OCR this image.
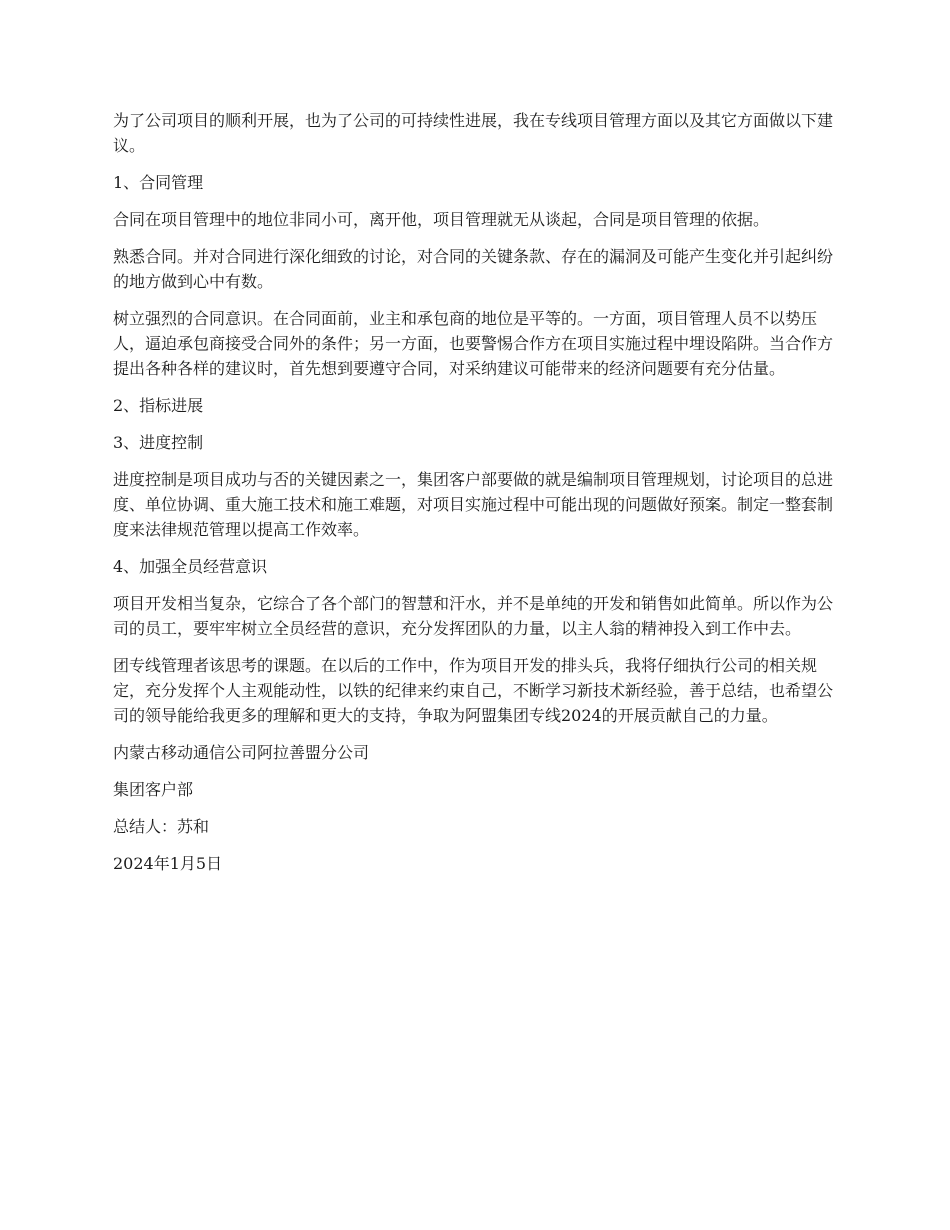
为了公司项目的顺利开展，也为了公司的可持续性进展，我在专线项目管理方面以及其它方面做以下建议。

1、合同管理

合同在项目管理中的地位非同小可，离开他，项目管理就无从谈起，合同是项目管理的依据。

熟悉合同。并对合同进行深化细致的讨论，对合同的关键条款、存在的漏洞及可能产生变化并引起纠纷的地方做到心中有数。

树立强烈的合同意识。在合同面前，业主和承包商的地位是平等的。一方面，项目管理人员不以势压人，逼迫承包商接受合同外的条件；另一方面，也要警惕合作方在项目实施过程中埋设陷阱。当合作方提出各种各样的建议时，首先想到要遵守合同，对采纳建议可能带来的经济问题要有充分估量。

2、指标进展

3、进度控制

进度控制是项目成功与否的关键因素之一，集团客户部要做的就是编制项目管理规划，讨论项目的总进度、单位协调、重大施工技术和施工难题，对项目实施过程中可能出现的问题做好预案。制定一整套制度来法律规范管理以提高工作效率。

4、加强全员经营意识

项目开发相当复杂，它综合了各个部门的智慧和汗水，并不是单纯的开发和销售如此简单。所以作为公司的员工，要牢牢树立全员经营的意识，充分发挥团队的力量，以主人翁的精神投入到工作中去。

团专线管理者该思考的课题。在以后的工作中，作为项目开发的排头兵，我将仔细执行公司的相关规定，充分发挥个人主观能动性，以铁的纪律来约束自己，不断学习新技术新经验，善于总结，也希望公司的领导能给我更多的理解和更大的支持，争取为阿盟集团专线2024的开展贡献自己的力量。

内蒙古移动通信公司阿拉善盟分公司

集团客户部

总结人：苏和

2024年1月5日
